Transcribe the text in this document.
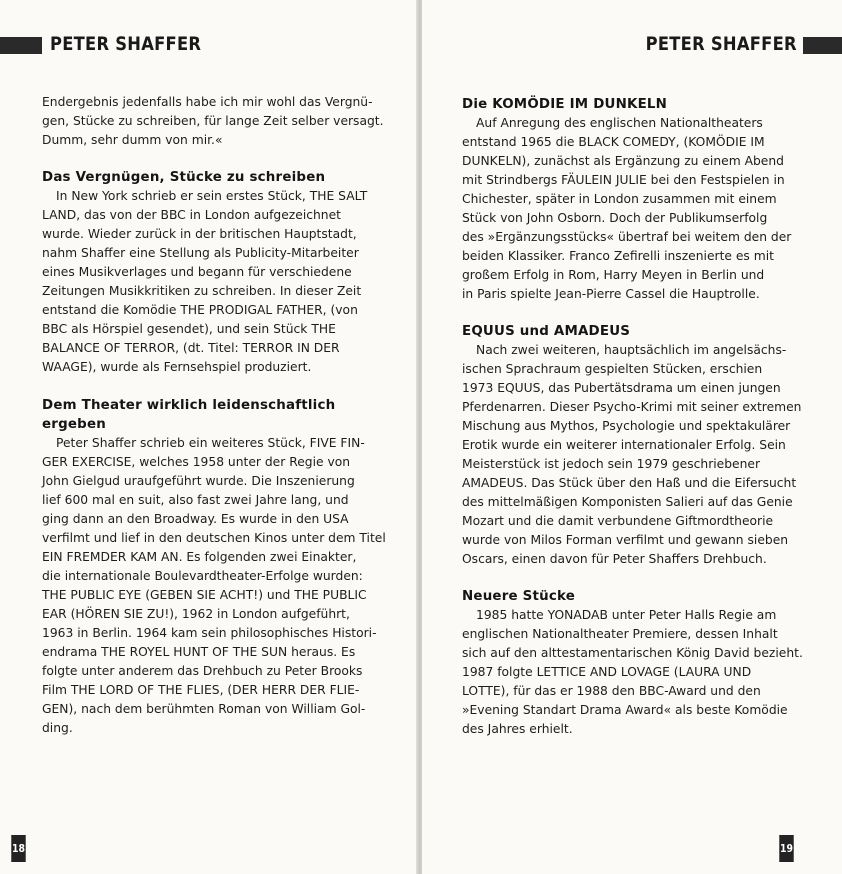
PETER SHAFFER
Endergebnis jedenfalls habe ich mir wohl das Vergnü-
gen, Stücke zu schreiben, für lange Zeit selber versagt.
Dumm, sehr dumm von mir.«
Das Vergnügen, Stücke zu schreiben
In New York schrieb er sein erstes Stück, THE SALT
LAND, das von der BBC in London aufgezeichnet
wurde. Wieder zurück in der britischen Hauptstadt,
nahm Shaffer eine Stellung als Publicity-Mitarbeiter
eines Musikverlages und begann für verschiedene
Zeitungen Musikkritiken zu schreiben. In dieser Zeit
entstand die Komödie THE PRODIGAL FATHER, (von
BBC als Hörspiel gesendet), und sein Stück THE
BALANCE OF TERROR, (dt. Titel: TERROR IN DER
WAAGE), wurde als Fernsehspiel produziert.
Dem Theater wirklich leidenschaftlich
ergeben
Peter Shaffer schrieb ein weiteres Stück, FIVE FIN-
GER EXERCISE, welches 1958 unter der Regie von
John Gielgud uraufgeführt wurde. Die Inszenierung
lief 600 mal en suit, also fast zwei Jahre lang, und
ging dann an den Broadway. Es wurde in den USA
verfilmt und lief in den deutschen Kinos unter dem Titel
EIN FREMDER KAM AN. Es folgenden zwei Einakter,
die internationale Boulevardtheater-Erfolge wurden:
THE PUBLIC EYE (GEBEN SIE ACHT!) und THE PUBLIC
EAR (HÖREN SIE ZU!), 1962 in London aufgeführt,
1963 in Berlin. 1964 kam sein philosophisches Histori-
endrama THE ROYEL HUNT OF THE SUN heraus. Es
folgte unter anderem das Drehbuch zu Peter Brooks
Film THE LORD OF THE FLIES, (DER HERR DER FLIE-
GEN), nach dem berühmten Roman von William Gol-
ding.
18
PETER SHAFFER
Die KOMÖDIE IM DUNKELN
Auf Anregung des englischen Nationaltheaters
entstand 1965 die BLACK COMEDY, (KOMÖDIE IM
DUNKELN), zunächst als Ergänzung zu einem Abend
mit Strindbergs FÄULEIN JULIE bei den Festspielen in
Chichester, später in London zusammen mit einem
Stück von John Osborn. Doch der Publikumserfolg
des »Ergänzungsstücks« übertraf bei weitem den der
beiden Klassiker. Franco Zefirelli inszenierte es mit
großem Erfolg in Rom, Harry Meyen in Berlin und
in Paris spielte Jean-Pierre Cassel die Hauptrolle.
EQUUS und AMADEUS
Nach zwei weiteren, hauptsächlich im angelsächs-
ischen Sprachraum gespielten Stücken, erschien
1973 EQUUS, das Pubertätsdrama um einen jungen
Pferdenarren. Dieser Psycho-Krimi mit seiner extremen
Mischung aus Mythos, Psychologie und spektakulärer
Erotik wurde ein weiterer internationaler Erfolg. Sein
Meisterstück ist jedoch sein 1979 geschriebener
AMADEUS. Das Stück über den Haß und die Eifersucht
des mittelmäßigen Komponisten Salieri auf das Genie
Mozart und die damit verbundene Giftmordtheorie
wurde von Milos Forman verfilmt und gewann sieben
Oscars, einen davon für Peter Shaffers Drehbuch.
Neuere Stücke
1985 hatte YONADAB unter Peter Halls Regie am
englischen Nationaltheater Premiere, dessen Inhalt
sich auf den alttestamentarischen König David bezieht.
1987 folgte LETTICE AND LOVAGE (LAURA UND
LOTTE), für das er 1988 den BBC-Award und den
»Evening Standart Drama Award« als beste Komödie
des Jahres erhielt.
19
